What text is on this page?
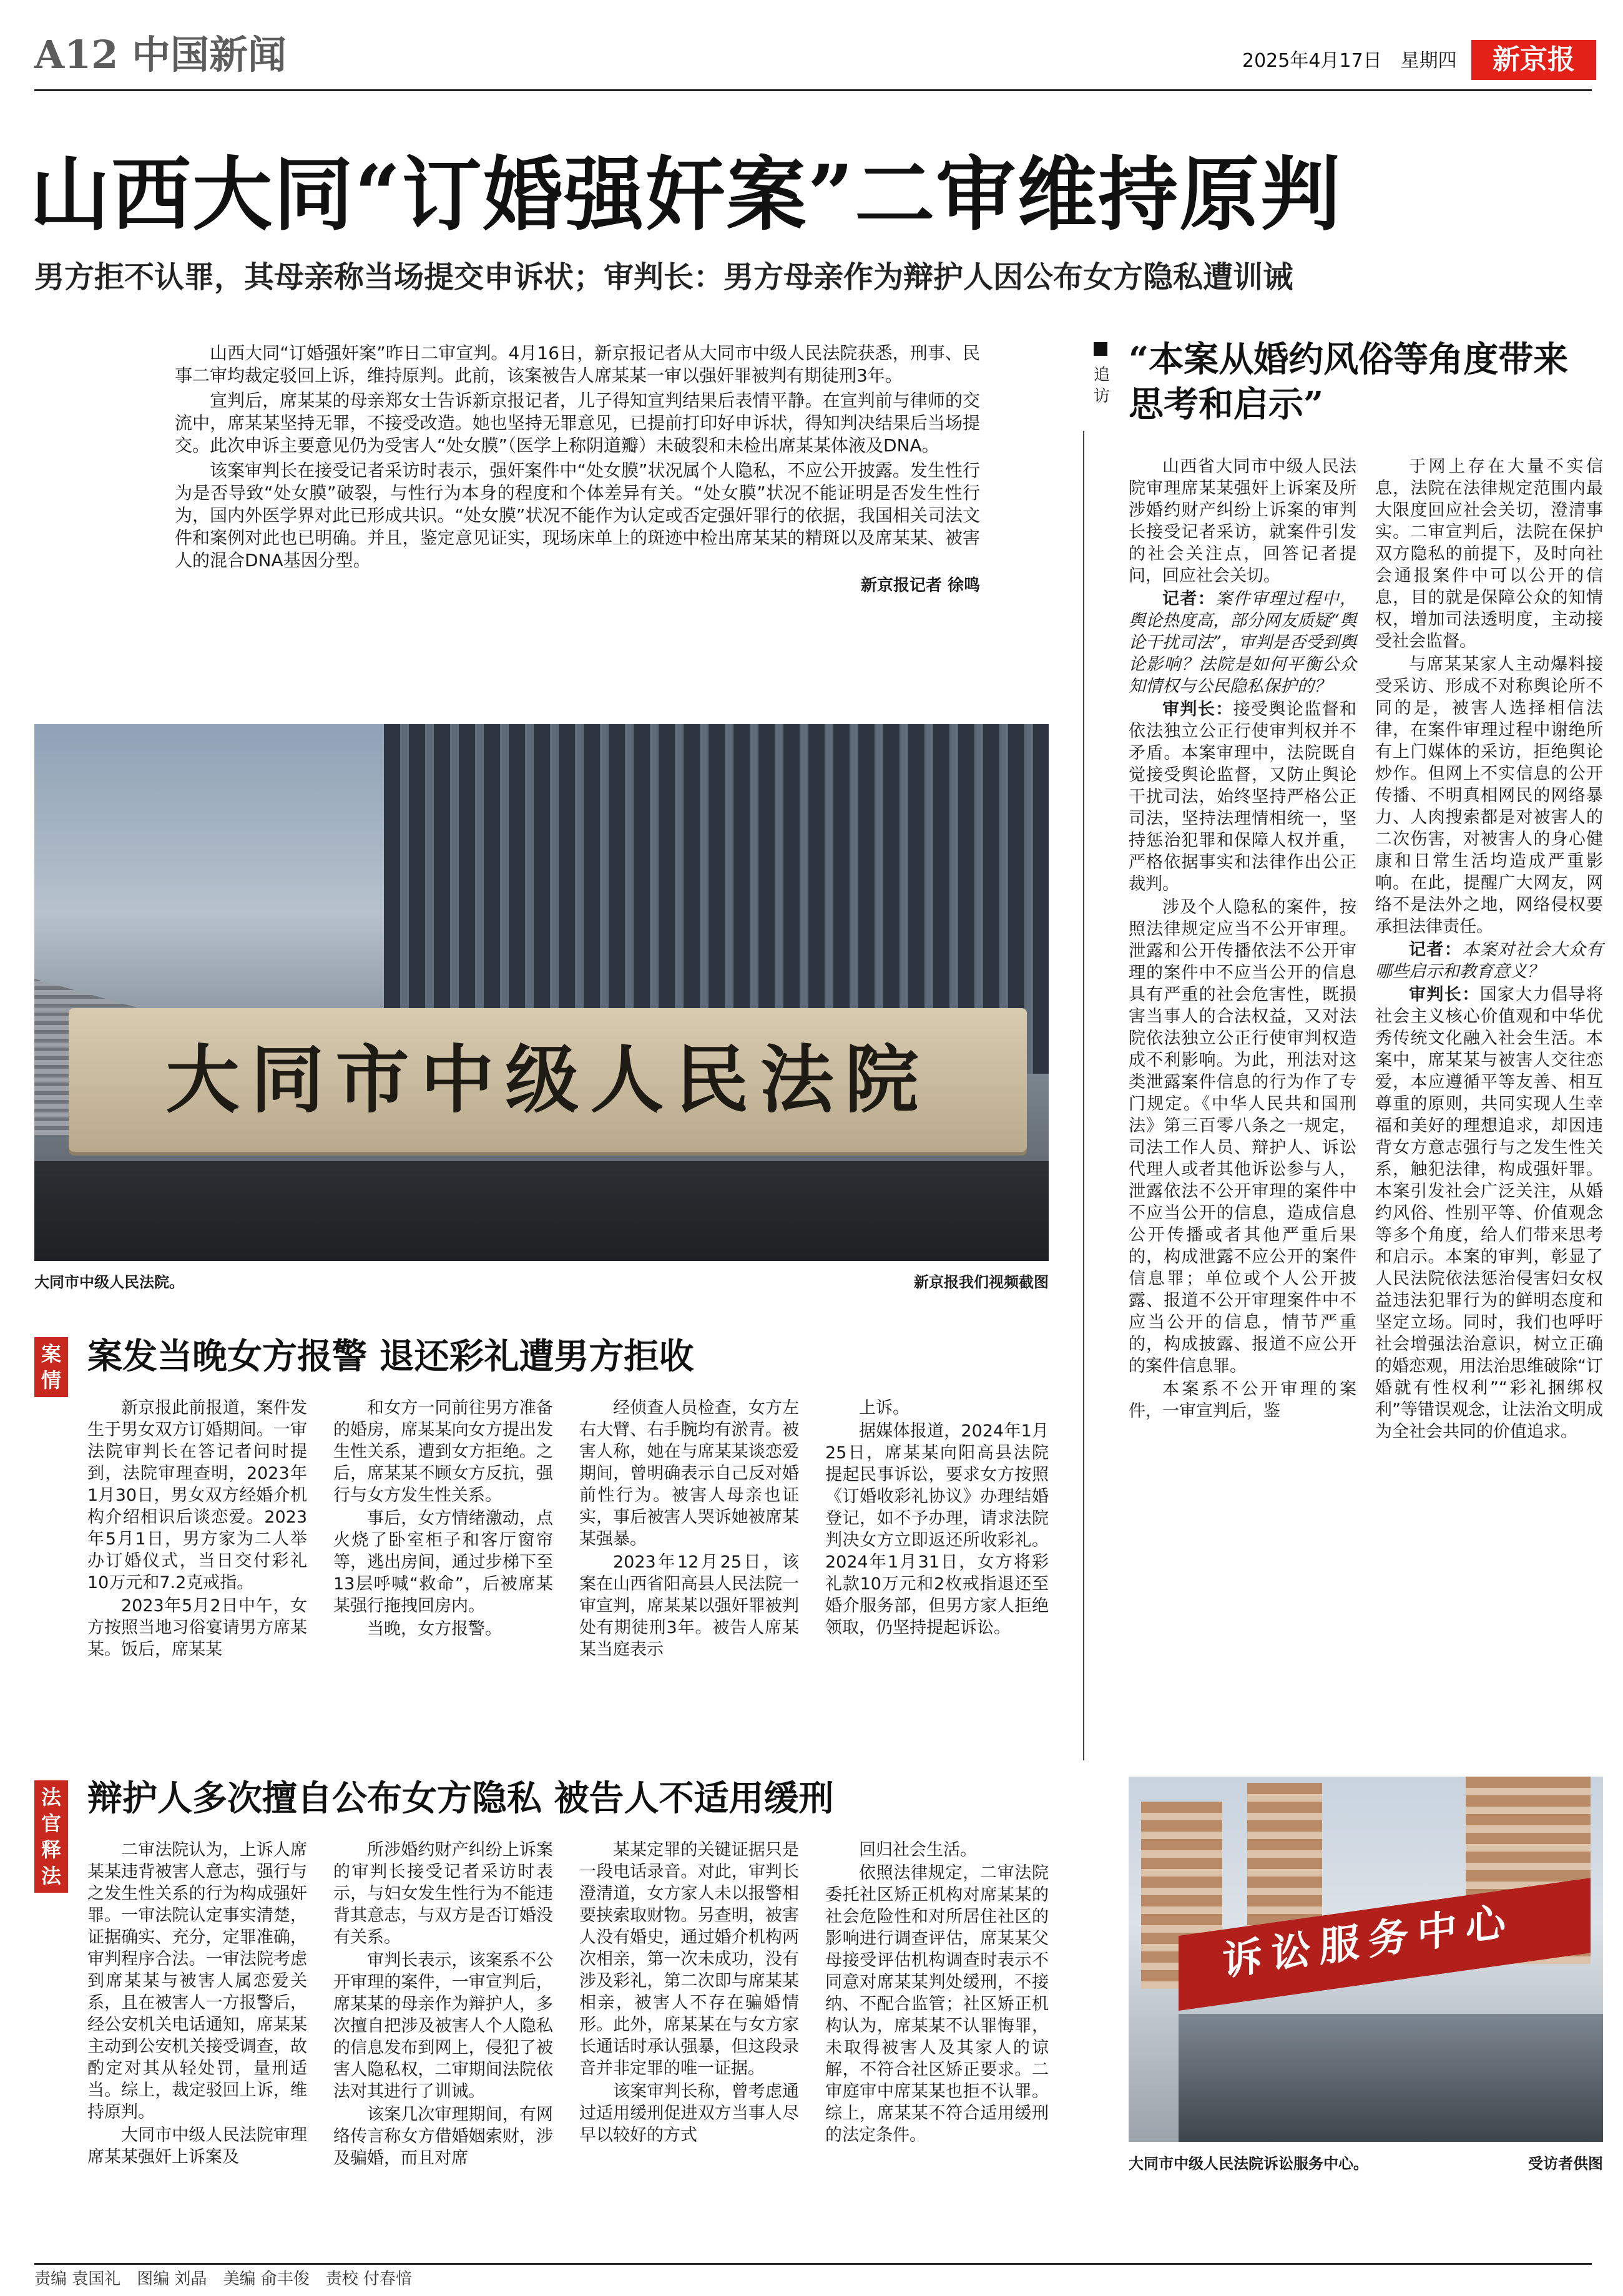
A12 中国新闻	2025年4月17日　星期四	新京报
山西大同“订婚强奸案”二审维持原判
男方拒不认罪，其母亲称当场提交申诉状；审判长：男方母亲作为辩护人因公布女方隐私遭训诫

山西大同“订婚强奸案”昨日二审宣判。4月16日，新京报记者从大同市中级人民法院获悉，刑事、民事二审均裁定驳回上诉，维持原判。此前，该案被告人席某某一审以强奸罪被判有期徒刑3年。

宣判后，席某某的母亲郑女士告诉新京报记者，儿子得知宣判结果后表情平静。在宣判前与律师的交流中，席某某坚持无罪，不接受改造。她也坚持无罪意见，已提前打印好申诉状，得知判决结果后当场提交。此次申诉主要意见仍为受害人“处女膜”（医学上称阴道瓣）未破裂和未检出席某某体液及DNA。

该案审判长在接受记者采访时表示，强奸案件中“处女膜”状况属个人隐私，不应公开披露。发生性行为是否导致“处女膜”破裂，与性行为本身的程度和个体差异有关。“处女膜”状况不能证明是否发生性行为，国内外医学界对此已形成共识。“处女膜”状况不能作为认定或否定强奸罪行的依据，我国相关司法文件和案例对此也已明确。并且，鉴定意见证实，现场床单上的斑迹中检出席某某的精斑以及席某某、被害人的混合DNA基因分型。

新京报记者 徐鸣
大同市中级人民法院
大同市中级人民法院。	新京报我们视频截图
案情
案发当晚女方报警 退还彩礼遭男方拒收

新京报此前报道，案件发生于男女双方订婚期间。一审法院审判长在答记者问时提到，法院审理查明，2023年1月30日，男女双方经婚介机构介绍相识后谈恋爱。2023年5月1日，男方家为二人举办订婚仪式，当日交付彩礼10万元和7.2克戒指。

2023年5月2日中午，女方按照当地习俗宴请男方席某某。饭后，席某某

和女方一同前往男方准备的婚房，席某某向女方提出发生性关系，遭到女方拒绝。之后，席某某不顾女方反抗，强行与女方发生性关系。

事后，女方情绪激动，点火烧了卧室柜子和客厅窗帘等，逃出房间，通过步梯下至13层呼喊“救命”，后被席某某强行拖拽回房内。

当晚，女方报警。

经侦查人员检查，女方左右大臂、右手腕均有淤青。被害人称，她在与席某某谈恋爱期间，曾明确表示自己反对婚前性行为。被害人母亲也证实，事后被害人哭诉她被席某某强暴。

2023年12月25日，该案在山西省阳高县人民法院一审宣判，席某某以强奸罪被判处有期徒刑3年。被告人席某某当庭表示

上诉。

据媒体报道，2024年1月25日，席某某向阳高县法院提起民事诉讼，要求女方按照《订婚收彩礼协议》办理结婚登记，如不予办理，请求法院判决女方立即返还所收彩礼。2024年1月31日，女方将彩礼款10万元和2枚戒指退还至婚介服务部，但男方家人拒绝领取，仍坚持提起诉讼。

法官释法
辩护人多次擅自公布女方隐私 被告人不适用缓刑

二审法院认为，上诉人席某某违背被害人意志，强行与之发生性关系的行为构成强奸罪。一审法院认定事实清楚，证据确实、充分，定罪准确，审判程序合法。一审法院考虑到席某某与被害人属恋爱关系，且在被害人一方报警后，经公安机关电话通知，席某某主动到公安机关接受调查，故酌定对其从轻处罚，量刑适当。综上，裁定驳回上诉，维持原判。

大同市中级人民法院审理席某某强奸上诉案及

所涉婚约财产纠纷上诉案的审判长接受记者采访时表示，与妇女发生性行为不能违背其意志，与双方是否订婚没有关系。

审判长表示，该案系不公开审理的案件，一审宣判后，席某某的母亲作为辩护人，多次擅自把涉及被害人个人隐私的信息发布到网上，侵犯了被害人隐私权，二审期间法院依法对其进行了训诫。

该案几次审理期间，有网络传言称女方借婚姻索财，涉及骗婚，而且对席

某某定罪的关键证据只是一段电话录音。对此，审判长澄清道，女方家人未以报警相要挟索取财物。另查明，被害人没有婚史，通过婚介机构两次相亲，第一次未成功，没有涉及彩礼，第二次即与席某某相亲，被害人不存在骗婚情形。此外，席某某在与女方家长通话时承认强暴，但这段录音并非定罪的唯一证据。

该案审判长称，曾考虑通过适用缓刑促进双方当事人尽早以较好的方式

回归社会生活。

依照法律规定，二审法院委托社区矫正机构对席某某的社会危险性和对所居住社区的影响进行调查评估，席某某父母接受评估机构调查时表示不同意对席某某判处缓刑，不接纳、不配合监管；社区矫正机构认为，席某某不认罪悔罪，未取得被害人及其家人的谅解，不符合社区矫正要求。二审庭审中席某某也拒不认罪。综上，席某某不符合适用缓刑的法定条件。

追访
“本案从婚约风俗等角度带来思考和启示”

山西省大同市中级人民法院审理席某某强奸上诉案及所涉婚约财产纠纷上诉案的审判长接受记者采访，就案件引发的社会关注点，回答记者提问，回应社会关切。

记者：案件审理过程中，舆论热度高，部分网友质疑“舆论干扰司法”，审判是否受到舆论影响？法院是如何平衡公众知情权与公民隐私保护的？

审判长：接受舆论监督和依法独立公正行使审判权并不矛盾。本案审理中，法院既自觉接受舆论监督，又防止舆论干扰司法，始终坚持严格公正司法，坚持法理情相统一，坚持惩治犯罪和保障人权并重，严格依据事实和法律作出公正裁判。

涉及个人隐私的案件，按照法律规定应当不公开审理。泄露和公开传播依法不公开审理的案件中不应当公开的信息具有严重的社会危害性，既损害当事人的合法权益，又对法院依法独立公正行使审判权造成不利影响。为此，刑法对这类泄露案件信息的行为作了专门规定。《中华人民共和国刑法》第三百零八条之一规定，司法工作人员、辩护人、诉讼代理人或者其他诉讼参与人，泄露依法不公开审理的案件中不应当公开的信息，造成信息公开传播或者其他严重后果的，构成泄露不应公开的案件信息罪；单位或个人公开披露、报道不公开审理案件中不应当公开的信息，情节严重的，构成披露、报道不应公开的案件信息罪。

本案系不公开审理的案件，一审宣判后，鉴

于网上存在大量不实信息，法院在法律规定范围内最大限度回应社会关切，澄清事实。二审宣判后，法院在保护双方隐私的前提下，及时向社会通报案件中可以公开的信息，目的就是保障公众的知情权，增加司法透明度，主动接受社会监督。

与席某某家人主动爆料接受采访、形成不对称舆论所不同的是，被害人选择相信法律，在案件审理过程中谢绝所有上门媒体的采访，拒绝舆论炒作。但网上不实信息的公开传播、不明真相网民的网络暴力、人肉搜索都是对被害人的二次伤害，对被害人的身心健康和日常生活均造成严重影响。在此，提醒广大网友，网络不是法外之地，网络侵权要承担法律责任。

记者：本案对社会大众有哪些启示和教育意义？

审判长：国家大力倡导将社会主义核心价值观和中华优秀传统文化融入社会生活。本案中，席某某与被害人交往恋爱，本应遵循平等友善、相互尊重的原则，共同实现人生幸福和美好的理想追求，却因违背女方意志强行与之发生性关系，触犯法律，构成强奸罪。本案引发社会广泛关注，从婚约风俗、性别平等、价值观念等多个角度，给人们带来思考和启示。本案的审判，彰显了人民法院依法惩治侵害妇女权益违法犯罪行为的鲜明态度和坚定立场。同时，我们也呼吁社会增强法治意识，树立正确的婚恋观，用法治思维破除“订婚就有性权利”“彩礼捆绑权利”等错误观念，让法治文明成为全社会共同的价值追求。

诉讼服务中心
大同市中级人民法院诉讼服务中心。	受访者供图
责编 袁国礼　图编 刘晶　美编 俞丰俊　责校 付春愔
